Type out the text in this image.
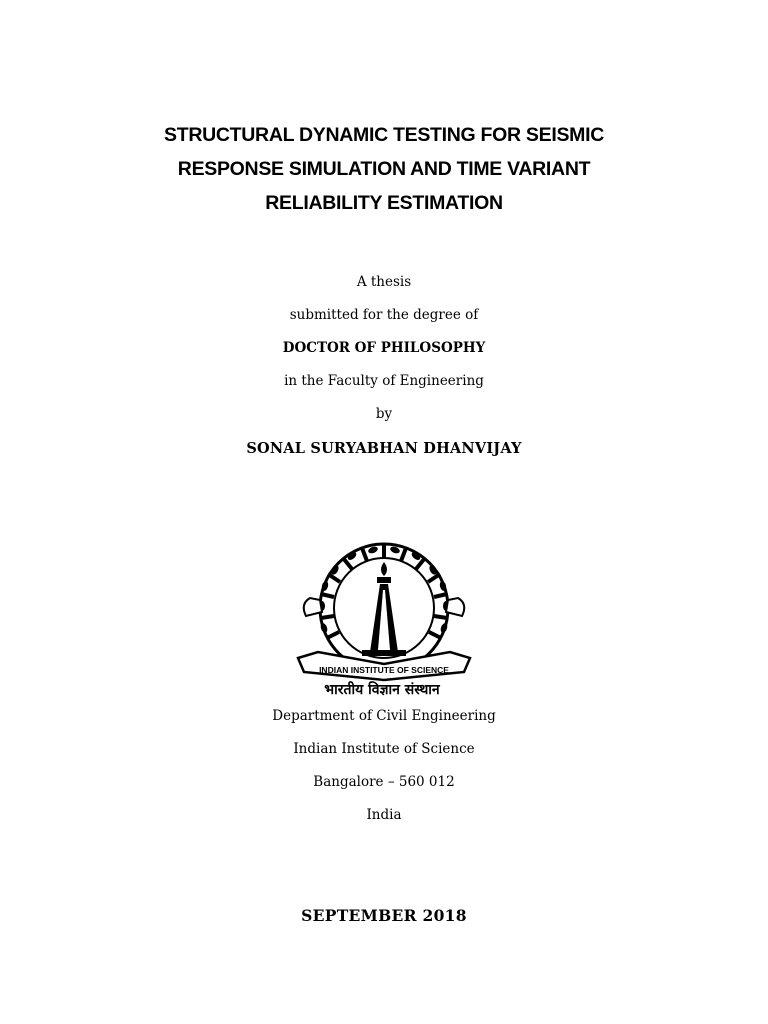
STRUCTURAL DYNAMIC TESTING FOR SEISMIC
RESPONSE SIMULATION AND TIME VARIANT
RELIABILITY ESTIMATION
A thesis
submitted for the degree of
DOCTOR OF PHILOSOPHY
in the Faculty of Engineering
by
SONAL SURYABHAN DHANVIJAY
INDIAN INSTITUTE OF SCIENCE
भारतीय विज्ञान संस्थान
Department of Civil Engineering
Indian Institute of Science
Bangalore – 560 012
India
SEPTEMBER 2018
